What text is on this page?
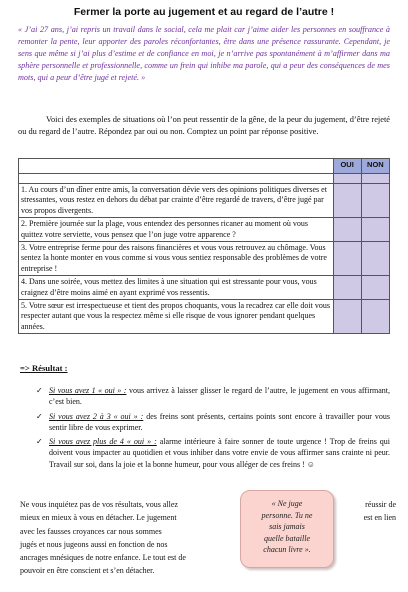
Fermer la porte au jugement et au regard de l’autre !
« J’ai 27 ans, j’ai repris un travail dans le social, cela me plait car j’aime aider les personnes en souffrance à remonter la pente, leur apporter des paroles réconfortantes, être dans une présence rassurante. Cependant, je sens que même si j’ai plus d’estime et de confiance en moi, je n’arrive pas spontanément à m’affirmer dans ma sphère personnelle et professionnelle, comme un frein qui inhibe ma parole, qui a peur des conséquences de mes mots, qui a peur d’être jugé et rejeté. »
Voici des exemples de situations où l’on peut ressentir de la gêne, de la peur du jugement, d’être rejeté ou du regard de l’autre. Répondez par oui ou non. Comptez un point par réponse positive.
	OUI	NON

1. Au cours d’un dîner entre amis, la conversation dévie vers des opinions politiques diverses et stressantes, vous restez en dehors du débat par crainte d’être regardé de travers, d’être jugé par vos propos divergents.		
2. Première journée sur la plage, vous entendez des personnes ricaner au moment où vous quittez votre serviette, vous pensez que l’on juge votre apparence ?		
3. Votre entreprise ferme pour des raisons financières et vous vous retrouvez au chômage. Vous sentez la honte monter en vous comme si vous vous sentiez responsable des problèmes de votre entreprise !		
4. Dans une soirée, vous mettez des limites à une situation qui est stressante pour vous, vous craignez d’être moins aimé en ayant exprimé vos ressentis.		
5. Votre sœur est irrespectueuse et tient des propos choquants, vous la recadrez car elle doit vous respecter autant que vous la respectez même si elle risque de vous ignorer pendant quelques années.		
=> Résultat :
✓ Si vous avez 1 « oui » : vous arrivez à laisser glisser le regard de l’autre, le jugement en vous affirmant, c’est bien.
✓ Si vous avez 2 à 3 « oui » : des freins sont présents, certains points sont encore à travailler pour vous sentir libre de vous exprimer.
✓ Si vous avez plus de 4 « oui » : alarme intérieure à faire sonner de toute urgence ! Trop de freins qui doivent vous impacter au quotidien et vous inhiber dans votre envie de vous affirmer sans crainte ni peur. Travail sur soi, dans la joie et la bonne humeur, pour vous alléger de ces freins ! ☺
Ne vous inquiétez pas de vos résultats, vous allez
mieux en mieux à vous en détacher. Le jugement
avec les fausses croyances car nous sommes
jugés et nous jugeons aussi en fonction de nos
ancrages mnésiques de notre enfance. Le tout est de
pouvoir en être conscient et s’en détacher.
réussir de
est en lien
« Ne juge
personne. Tu ne
sais jamais
quelle bataille
chacun livre ».
